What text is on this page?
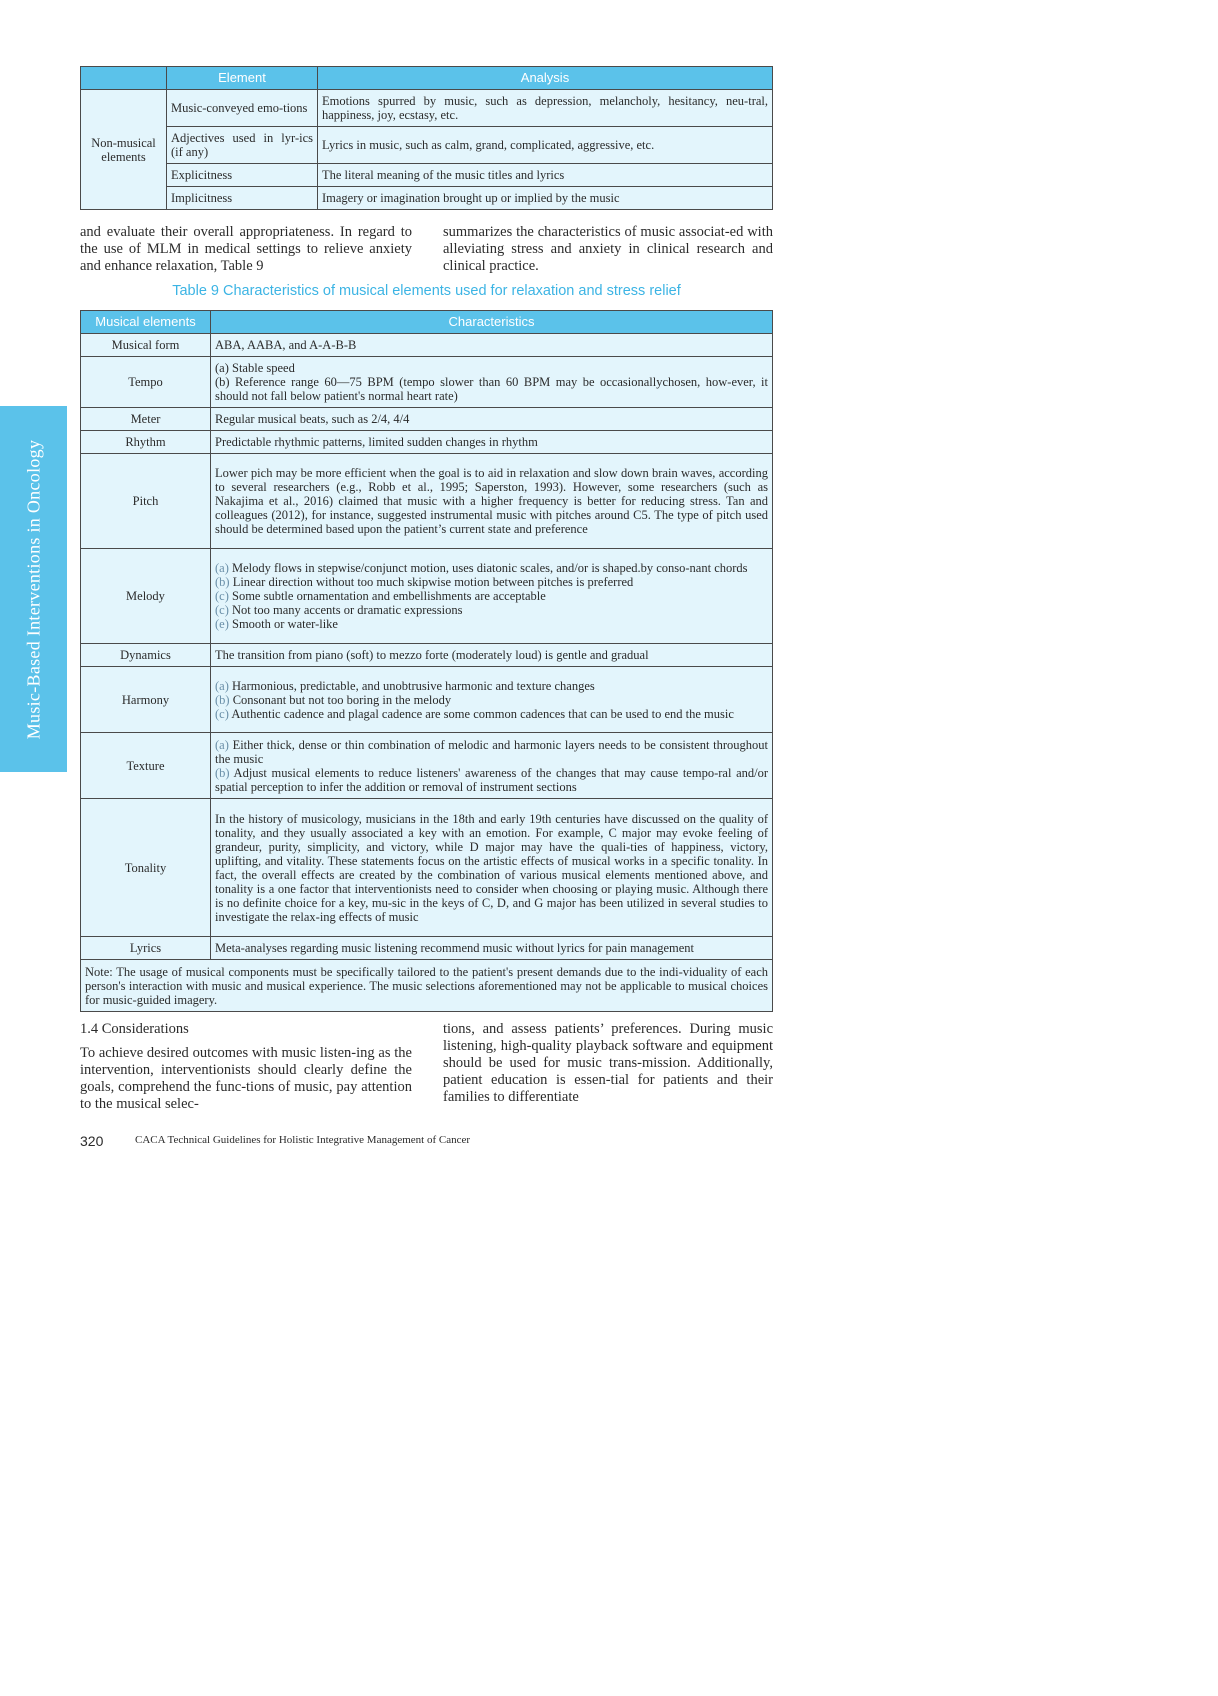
Music-Based Interventions in Oncology
	Element	Analysis
Non-musical elements	Music-conveyed emo-tions	Emotions spurred by music, such as depression, melancholy, hesitancy, neu-tral, happiness, joy, ecstasy, etc.
	Adjectives used in lyr-ics (if any)	Lyrics in music, such as calm, grand, complicated, aggressive, etc.
	Explicitness	The literal meaning of the music titles and lyrics
	Implicitness	Imagery or imagination brought up or implied by the music
and evaluate their overall appropriateness. In regard to the use of MLM in medical settings to relieve anxiety and enhance relaxation, Table 9
summarizes the characteristics of music associat-ed with alleviating stress and anxiety in clinical research and clinical practice.
Table 9 Characteristics of musical elements used for relaxation and stress relief
Musical elements	Characteristics
Musical form	ABA, AABA, and A-A-B-B
Tempo	(a) Stable speed
(b) Reference range 60—75 BPM (tempo slower than 60 BPM may be occasionallychosen, how-ever, it should not fall below patient's normal heart rate)

Meter	Regular musical beats, such as 2/4, 4/4
Rhythm	Predictable rhythmic patterns, limited sudden changes in rhythm
Pitch	Lower pich may be more efficient when the goal is to aid in relaxation and slow down brain waves, according to several researchers (e.g., Robb et al., 1995; Saperston, 1993). However, some researchers (such as Nakajima et al., 2016) claimed that music with a higher frequency is better for reducing stress. Tan and colleagues (2012), for instance, suggested instrumental music with pitches around C5. The type of pitch used should be determined based upon the patient’s current state and preference
Melody	(a) Melody flows in stepwise/conjunct motion, uses diatonic scales, and/or is shaped.by conso-nant chords
(b) Linear direction without too much skipwise motion between pitches is preferred
(c) Some subtle ornamentation and embellishments are acceptable
(c) Not too many accents or dramatic expressions
(e) Smooth or water-like

Dynamics	The transition from piano (soft) to mezzo forte (moderately loud) is gentle and gradual
Harmony	(a) Harmonious, predictable, and unobtrusive harmonic and texture changes
(b) Consonant but not too boring in the melody
(c) Authentic cadence and plagal cadence are some common cadences that can be used to end the music

Texture	(a) Either thick, dense or thin combination of melodic and harmonic layers needs to be consistent throughout the music
(b) Adjust musical elements to reduce listeners' awareness of the changes that may cause tempo-ral and/or spatial perception to infer the addition or removal of instrument sections

Tonality	In the history of musicology, musicians in the 18th and early 19th centuries have discussed on the quality of tonality, and they usually associated a key with an emotion. For example, C major may evoke feeling of grandeur, purity, simplicity, and victory, while D major may have the quali-ties of happiness, victory, uplifting, and vitality. These statements focus on the artistic effects of musical works in a specific tonality. In fact, the overall effects are created by the combination of various musical elements mentioned above, and tonality is a one factor that interventionists need to consider when choosing or playing music. Although there is no definite choice for a key, mu-sic in the keys of C, D, and G major has been utilized in several studies to investigate the relax-ing effects of music
Lyrics	Meta-analyses regarding music listening recommend music without lyrics for pain management
Note: The usage of musical components must be specifically tailored to the patient's present demands due to the indi-viduality of each person's interaction with music and musical experience. The music selections aforementioned may not be applicable to musical choices for music-guided imagery.	
1.4 Considerations
To achieve desired outcomes with music listen-ing as the intervention, interventionists should clearly define the goals, comprehend the func-tions of music, pay attention to the musical selec-
tions, and assess patients’ preferences. During music listening, high-quality playback software and equipment should be used for music trans-mission. Additionally, patient education is essen-tial for patients and their families to differentiate
320	CACA Technical Guidelines for Holistic Integrative Management of Cancer
